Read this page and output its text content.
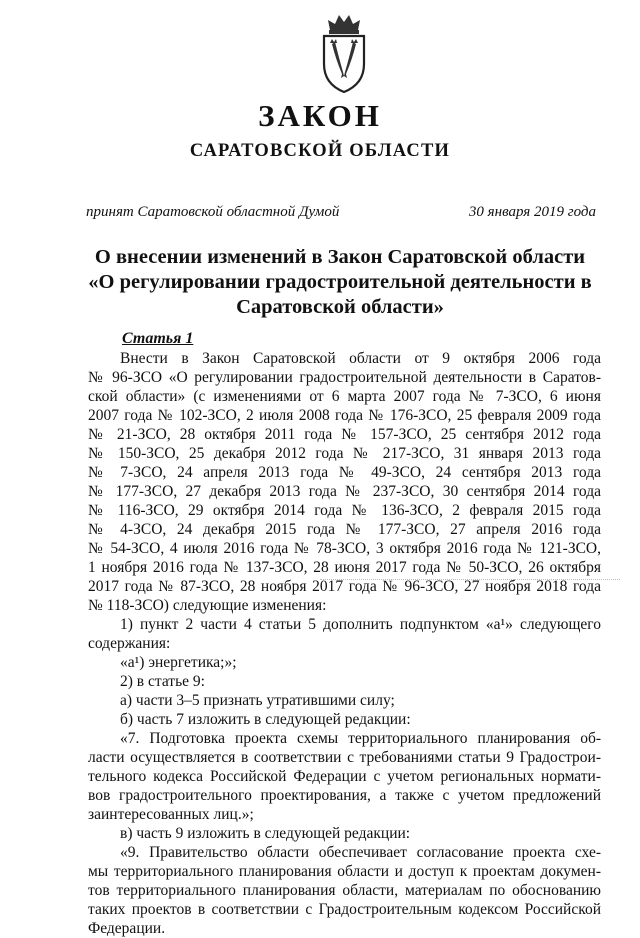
ЗАКОН
САРАТОВСКОЙ ОБЛАСТИ
принят Саратовской областной Думой	30 января 2019 года
О внесении изменений в Закон Саратовской области
«О регулировании градостроительной деятельности в
Саратовской области»
Статья 1
Внести в Закон Саратовской области от 9 октября 2006 года
№ 96-ЗСО «О регулировании градостроительной деятельности в Саратов-
ской области» (с изменениями от 6 марта 2007 года № 7-ЗСО, 6 июня
2007 года № 102-ЗСО, 2 июля 2008 года № 176-ЗСО, 25 февраля 2009 года
№ 21-ЗСО, 28 октября 2011 года № 157-ЗСО, 25 сентября 2012 года
№ 150-ЗСО, 25 декабря 2012 года № 217-ЗСО, 31 января 2013 года
№ 7-ЗСО, 24 апреля 2013 года № 49-ЗСО, 24 сентября 2013 года
№ 177-ЗСО, 27 декабря 2013 года № 237-ЗСО, 30 сентября 2014 года
№ 116-ЗСО, 29 октября 2014 года № 136-ЗСО, 2 февраля 2015 года
№ 4-ЗСО, 24 декабря 2015 года № 177-ЗСО, 27 апреля 2016 года
№ 54-ЗСО, 4 июля 2016 года № 78-ЗСО, 3 октября 2016 года № 121-ЗСО,
1 ноября 2016 года № 137-ЗСО, 28 июня 2017 года № 50-ЗСО, 26 октября
2017 года № 87-ЗСО, 28 ноября 2017 года № 96-ЗСО, 27 ноября 2018 года
№ 118-ЗСО) следующие изменения:
1) пункт 2 части 4 статьи 5 дополнить подпунктом «а¹» следующего
содержания:
«а¹) энергетика;»;
2) в статье 9:
а) части 3–5 признать утратившими силу;
б) часть 7 изложить в следующей редакции:
«7. Подготовка проекта схемы территориального планирования об-
ласти осуществляется в соответствии с требованиями статьи 9 Градострои-
тельного кодекса Российской Федерации с учетом региональных нормати-
вов градостроительного проектирования, а также с учетом предложений
заинтересованных лиц.»;
в) часть 9 изложить в следующей редакции:
«9. Правительство области обеспечивает согласование проекта схе-
мы территориального планирования области и доступ к проектам докумен-
тов территориального планирования области, материалам по обоснованию
таких проектов в соответствии с Градостроительным кодексом Российской
Федерации.
